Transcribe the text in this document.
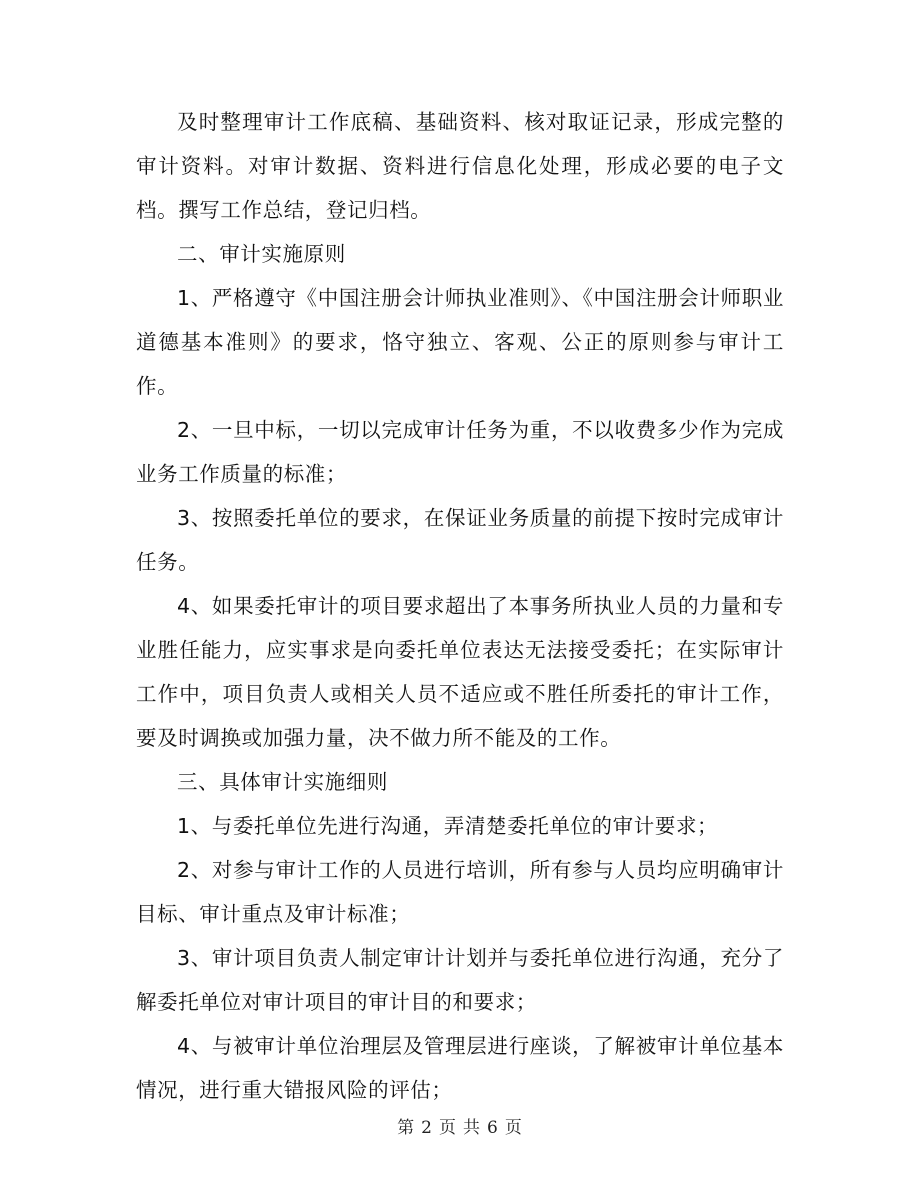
及时整理审计工作底稿、基础资料、核对取证记录，形成完整的审计资料。对审计数据、资料进行信息化处理，形成必要的电子文档。撰写工作总结，登记归档。

二、审计实施原则

1、严格遵守《中国注册会计师执业准则》、《中国注册会计师职业道德基本准则》的要求，恪守独立、客观、公正的原则参与审计工作。

2、一旦中标，一切以完成审计任务为重，不以收费多少作为完成业务工作质量的标准；

3、按照委托单位的要求，在保证业务质量的前提下按时完成审计任务。

4、如果委托审计的项目要求超出了本事务所执业人员的力量和专业胜任能力，应实事求是向委托单位表达无法接受委托；在实际审计工作中，项目负责人或相关人员不适应或不胜任所委托的审计工作，要及时调换或加强力量，决不做力所不能及的工作。

三、具体审计实施细则

1、与委托单位先进行沟通，弄清楚委托单位的审计要求；

2、对参与审计工作的人员进行培训，所有参与人员均应明确审计目标、审计重点及审计标准；

3、审计项目负责人制定审计计划并与委托单位进行沟通，充分了解委托单位对审计项目的审计目的和要求；

4、与被审计单位治理层及管理层进行座谈，了解被审计单位基本情况，进行重大错报风险的评估；

第 2 页 共 6 页
